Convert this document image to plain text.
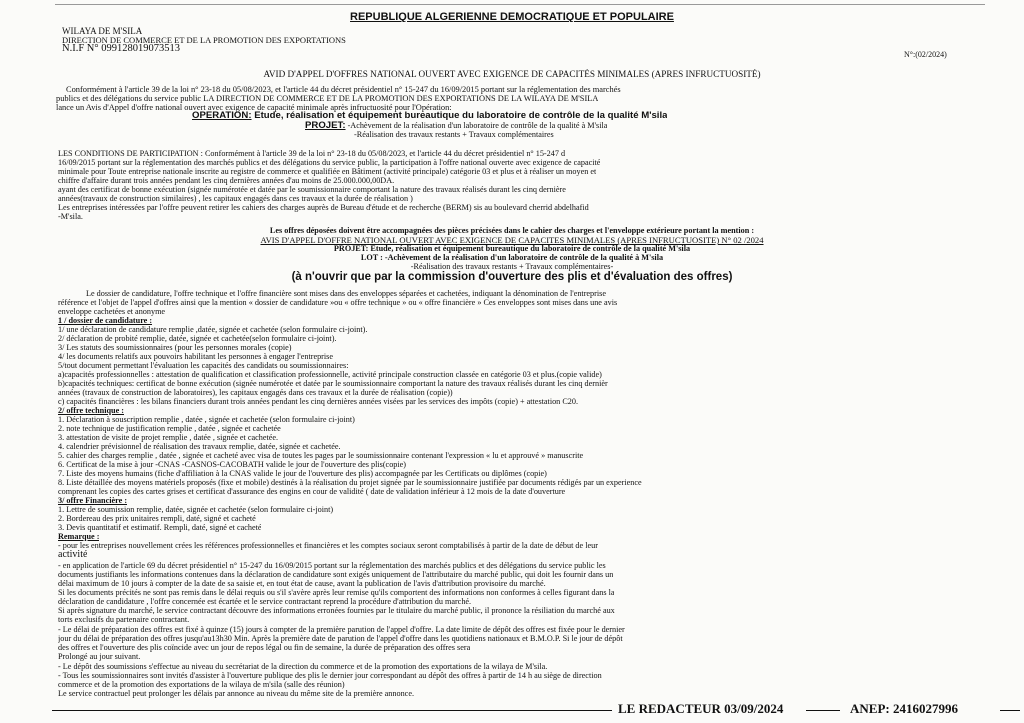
REPUBLIQUE ALGERIENNE DEMOCRATIQUE ET POPULAIRE
WILAYA DE M'SILA
DIRECTION DE COMMERCE ET DE LA PROMOTION DES EXPORTATIONS
N.I.F N° 099128019073513
N°:(02/2024)
AVID D'APPEL D'OFFRES NATIONAL OUVERT AVEC EXIGENCE DE CAPACITÉS MINIMALES (APRES INFRUCTUOSITÉ)
Conformément à l'article 39 de la loi n° 23-18 du 05/08/2023, et l'article 44 du décret présidentiel n° 15-247 du 16/09/2015 portant sur la réglementation des marchés
publics et des délégations du service public LA DIRECTION DE COMMERCE ET DE LA PROMOTION DES EXPORTATIONS DE LA WILAYA DE M'SILA
lance un Avis d'Appel d'offre national ouvert avec exigence de capacité minimale après infructuosité pour l'Opération:
OPERATION: Etude, réalisation et équipement bureautique du laboratoire de contrôle de la qualité M'sila
PROJET: -Achèvement de la réalisation d'un laboratoire de contrôle de la qualité à M'sila
-Réalisation des travaux restants + Travaux complémentaires
LES CONDITIONS DE PARTICIPATION : Conformément à l'article 39 de la loi n° 23-18 du 05/08/2023, et l'article 44 du décret présidentiel n° 15-247 d
16/09/2015 portant sur la réglementation des marchés publics et des délégations du service public, la participation à l'offre national ouverte avec exigence de capacité
minimale pour Toute entreprise nationale inscrite au registre de commerce et qualifiée en Bâtiment (activité principale) catégorie 03 et plus et à réaliser un moyen et
chiffre d'affaire durant trois années pendant les cinq dernières années d'au moins de 25.000.000,00DA.
ayant des certificat de bonne exécution (signée numérotée et datée par le soumissionnaire comportant la nature des travaux réalisés durant les cinq dernière
années(travaux de construction similaires) , les capitaux engagés dans ces travaux et la durée de réalisation )
Les entreprises intéressées par l'offre peuvent retirer les cahiers des charges auprès de Bureau d'étude et de recherche (BERM) sis au boulevard cherrid abdelhafid
-M'sila.
Les offres déposées doivent être accompagnées des pièces précisées dans le cahier des charges et l'enveloppe extérieure portant la mention :
AVIS D'APPEL D'OFFRE NATIONAL OUVERT AVEC EXIGENCE DE CAPACITES MINIMALES (APRES INFRUCTUOSITE) N° 02 /2024
PROJET: Etude, réalisation et équipement bureautique du laboratoire de contrôle de la qualité M'sila
LOT : -Achèvement de la réalisation d'un laboratoire de contrôle de la qualité à M'sila
-Réalisation des travaux restants + Travaux complémentaires-
(à n'ouvrir que par la commission d'ouverture des plis et d'évaluation des offres)
Le dossier de candidature, l'offre technique et l'offre financière sont mises dans des enveloppes séparées et cachetées, indiquant la dénomination de l'entreprise
référence et l'objet de l'appel d'offres ainsi que la mention « dossier de candidature »ou « offre technique » ou « offre financière » Ces enveloppes sont mises dans une avis
enveloppe cachetées et anonyme
1 / dossier de candidature :
1/ une déclaration de candidature remplie ,datée, signée et cachetée (selon formulaire ci-joint).
2/ déclaration de probité remplie, datée, signée et cachetée(selon formulaire ci-joint).
3/ Les statuts des soumissionnaires (pour les personnes morales (copie)
4/ les documents relatifs aux pouvoirs habilitant les personnes à engager l'entreprise
5/tout document permettant l'évaluation les capacités des candidats ou soumissionnaires:
a)capacités professionnelles : attestation de qualification et classification professionnelle, activité principale construction classée en catégorie 03 et plus.(copie valide)
b)capacités techniques: certificat de bonne exécution (signée numérotée et datée par le soumissionnaire comportant la nature des travaux réalisés durant les cinq dernièr
années (travaux de construction de laboratoires), les capitaux engagés dans ces travaux et la durée de réalisation (copie))
c) capacités financières : les bilans financiers durant trois années pendant les cinq dernières années visées par les services des impôts (copie) + attestation C20.
2/ offre technique :
1. Déclaration à souscription remplie , datée , signée et cachetée (selon formulaire ci-joint)
2. note technique de justification remplie , datée , signée et cachetée
3. attestation de visite de projet remplie , datée , signée et cachetée.
4. calendrier prévisionnel de réalisation des travaux remplie, datée, signée et cachetée.
5. cahier des charges remplie , datée , signée et cacheté avec visa de toutes les pages par le soumissionnaire contenant l'expression « lu et approuvé » manuscrite
6. Certificat de la mise à jour -CNAS -CASNOS-CACOBATH valide le jour de l'ouverture des plis(copie)
7. Liste des moyens humains (fiche d'affiliation à la CNAS valide le jour de l'ouverture des plis) accompagnée par les Certificats ou diplômes (copie)
8. Liste détaillée des moyens matériels proposés (fixe et mobile) destinés à la réalisation du projet signée par le soumissionnaire justifiée par documents rédigés par un experience
comprenant les copies des cartes grises et certificat d'assurance des engins en cour de validité ( date de validation inférieur à 12 mois de la date d'ouverture
3/ offre Financière :
1. Lettre de soumission remplie, datée, signée et cachetée (selon formulaire ci-joint)
2. Bordereau des prix unitaires rempli, daté, signé et cacheté
3. Devis quantitatif et estimatif. Rempli, daté, signé et cacheté
Remarque :
- pour les entreprises nouvellement crées les références professionnelles et financières et les comptes sociaux seront comptabilisés à partir de la date de début de leur
activité
- en application de l'article 69 du décret présidentiel n° 15-247 du 16/09/2015 portant sur la réglementation des marchés publics et des délégations du service public les
documents justifiants les informations contenues dans la déclaration de candidature sont exigés uniquement de l'attributaire du marché public, qui doit les fournir dans un
délai maximum de 10 jours à compter de la date de sa saisie et, en tout état de cause, avant la publication de l'avis d'attribution provisoire du marché.
Si les documents précités ne sont pas remis dans le délai requis ou s'il s'avère après leur remise qu'ils comportent des informations non conformes à celles figurant dans la
déclaration de candidature , l'offre concernée est écartée et le service contractant reprend la procédure d'attribution du marché.
Si après signature du marché, le service contractant découvre des informations erronées fournies par le titulaire du marché public, il prononce la résiliation du marché aux
torts exclusifs du partenaire contractant.
- Le délai de préparation des offres est fixé à quinze (15) jours à compter de la première parution de l'appel d'offre. La date limite de dépôt des offres est fixée pour le dernier
jour du délai de préparation des offres jusqu'au13h30 Min. Après la première date de parution de l'appel d'offre dans les quotidiens nationaux et B.M.O.P. Si le jour de dépôt
des offres et l'ouverture des plis coïncide avec un jour de repos légal ou fin de semaine, la durée de préparation des offres sera
Prolongé au jour suivant.
- Le dépôt des soumissions s'effectue au niveau du secrétariat de la direction du commerce et de la promotion des exportations de la wilaya de M'sila.
- Tous les soumissionnaires sont invités d'assister à l'ouverture publique des plis le dernier jour correspondant au dépôt des offres à partir de 14 h au siège de direction
commerce et de la promotion des exportations de la wilaya de m'sila (salle des réunion)
Le service contractuel peut prolonger les délais par annonce au niveau du même site de la première annonce.
LE REDACTEUR 03/09/2024	ANEP: 2416027996
